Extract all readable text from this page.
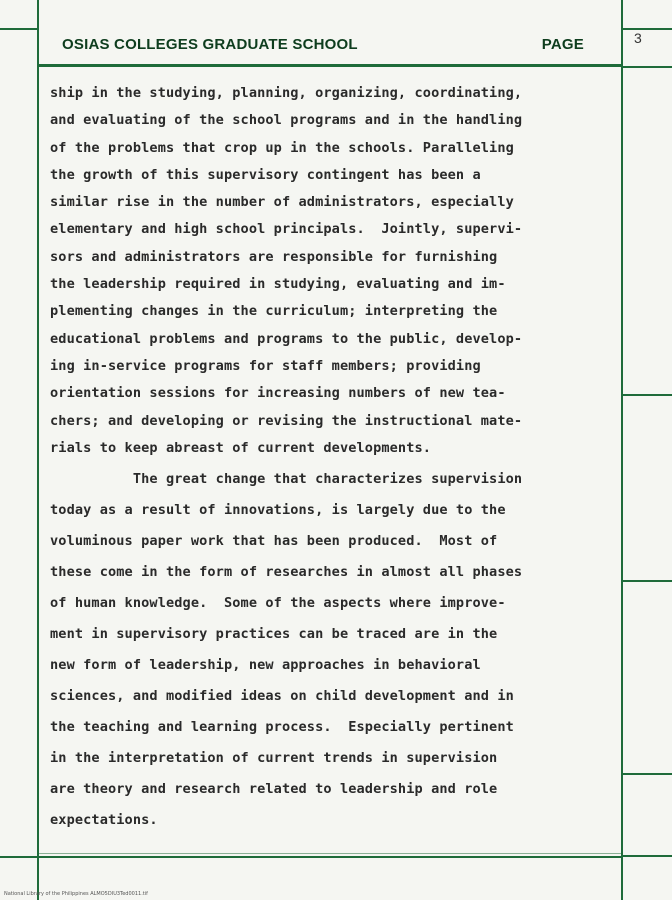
OSIAS COLLEGES GRADUATE SCHOOL	PAGE	3
ship in the studying, planning, organizing, coordinating,
and evaluating of the school programs and in the handling
of the problems that crop up in the schools. Paralleling
the growth of this supervisory contingent has been a
similar rise in the number of administrators, especially
elementary and high school principals.  Jointly, supervi-
sors and administrators are responsible for furnishing
the leadership required in studying, evaluating and im-
plementing changes in the curriculum; interpreting the
educational problems and programs to the public, develop-
ing in-service programs for staff members; providing
orientation sessions for increasing numbers of new tea-
chers; and developing or revising the instructional mate-
rials to keep abreast of current developments.
The great change that characterizes supervision
today as a result of innovations, is largely due to the
voluminous paper work that has been produced.  Most of
these come in the form of researches in almost all phases
of human knowledge.  Some of the aspects where improve-
ment in supervisory practices can be traced are in the
new form of leadership, new approaches in behavioral
sciences, and modified ideas on child development and in
the teaching and learning process.  Especially pertinent
in the interpretation of current trends in supervision
are theory and research related to leadership and role
expectations.
National Library of the Philippines ALMO5DIU3Ted0011.tif
